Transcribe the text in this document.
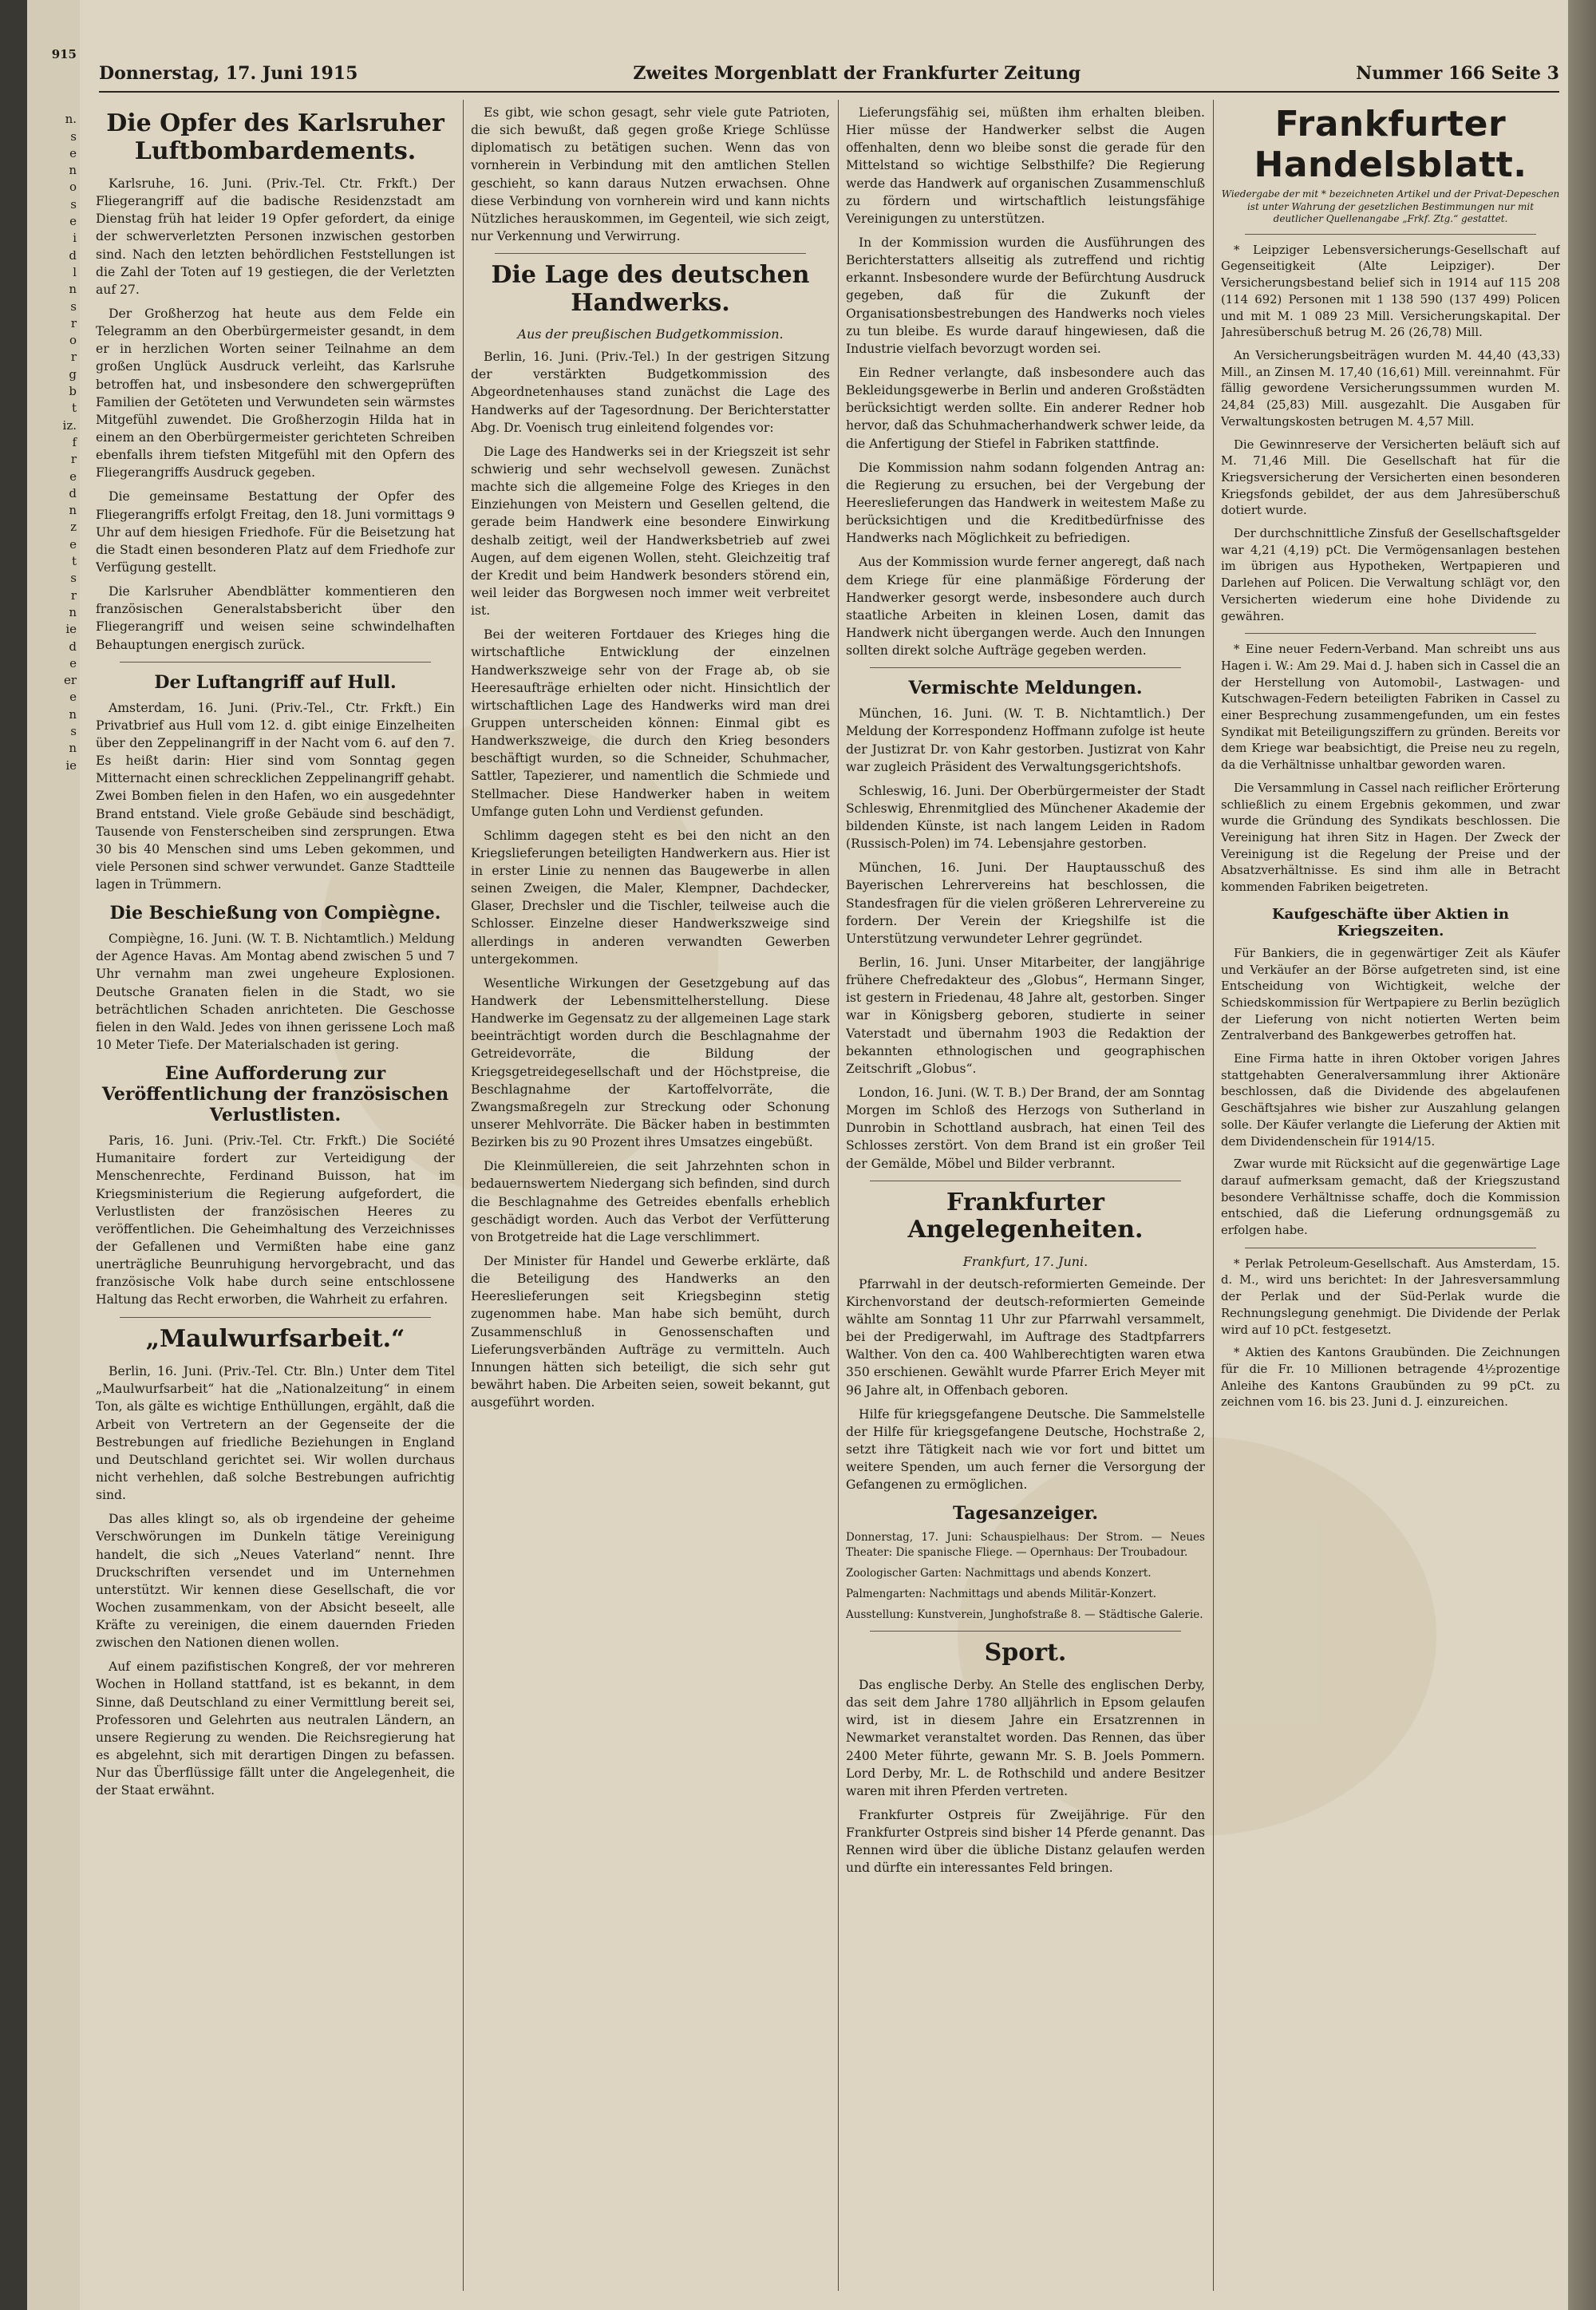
915
n.
s
e
n
o
s
e
i
d
l
n
s
r
o
r
g
b
t
iz.
f
r
e
d
n
z
e
t
s
r
n
ie
d
e
er
e
n
s
n
ie
Donnerstag, 17. Juni 1915	Zweites Morgenblatt der Frankfurter Zeitung	Nummer 166 Seite 3
Die Opfer des Karlsruher Luftbombardements.

Karlsruhe, 16. Juni. (Priv.-Tel. Ctr. Frkft.) Der Fliegerangriff auf die badische Residenzstadt am Dienstag früh hat leider 19 Opfer gefordert, da einige der schwerverletzten Personen inzwischen gestorben sind. Nach den letzten behördlichen Feststellungen ist die Zahl der Toten auf 19 gestiegen, die der Verletzten auf 27.

Der Großherzog hat heute aus dem Felde ein Telegramm an den Oberbürgermeister gesandt, in dem er in herzlichen Worten seiner Teilnahme an dem großen Unglück Ausdruck verleiht, das Karlsruhe betroffen hat, und insbesondere den schwergeprüften Familien der Getöteten und Verwundeten sein wärmstes Mitgefühl zuwendet. Die Großherzogin Hilda hat in einem an den Oberbürgermeister gerichteten Schreiben ebenfalls ihrem tiefsten Mitgefühl mit den Opfern des Fliegerangriffs Ausdruck gegeben.

Die gemeinsame Bestattung der Opfer des Fliegerangriffs erfolgt Freitag, den 18. Juni vormittags 9 Uhr auf dem hiesigen Friedhofe. Für die Beisetzung hat die Stadt einen besonderen Platz auf dem Friedhofe zur Verfügung gestellt.

Die Karlsruher Abendblätter kommentieren den französischen Generalstabsbericht über den Fliegerangriff und weisen seine schwindelhaften Behauptungen energisch zurück.

Der Luftangriff auf Hull.

Amsterdam, 16. Juni. (Priv.-Tel., Ctr. Frkft.) Ein Privatbrief aus Hull vom 12. d. gibt einige Einzelheiten über den Zeppelinangriff in der Nacht vom 6. auf den 7. Es heißt darin: Hier sind vom Sonntag gegen Mitternacht einen schrecklichen Zeppelinangriff gehabt. Zwei Bomben fielen in den Hafen, wo ein ausgedehnter Brand entstand. Viele große Gebäude sind beschädigt, Tausende von Fensterscheiben sind zersprungen. Etwa 30 bis 40 Menschen sind ums Leben gekommen, und viele Personen sind schwer verwundet. Ganze Stadtteile lagen in Trümmern.

Die Beschießung von Compiègne.

Compiègne, 16. Juni. (W. T. B. Nichtamtlich.) Meldung der Agence Havas. Am Montag abend zwischen 5 und 7 Uhr vernahm man zwei ungeheure Explosionen. Deutsche Granaten fielen in die Stadt, wo sie beträchtlichen Schaden anrichteten. Die Geschosse fielen in den Wald. Jedes von ihnen gerissene Loch maß 10 Meter Tiefe. Der Materialschaden ist gering.

Eine Aufforderung zur Veröffentlichung der französischen Verlustlisten.

Paris, 16. Juni. (Priv.-Tel. Ctr. Frkft.) Die Société Humanitaire fordert zur Verteidigung der Menschenrechte, Ferdinand Buisson, hat im Kriegsministerium die Regierung aufgefordert, die Verlustlisten der französischen Heeres zu veröffentlichen. Die Geheimhaltung des Verzeichnisses der Gefallenen und Vermißten habe eine ganz unerträgliche Beunruhigung hervorgebracht, und das französische Volk habe durch seine entschlossene Haltung das Recht erworben, die Wahrheit zu erfahren.

„Maulwurfsarbeit.“

Berlin, 16. Juni. (Priv.-Tel. Ctr. Bln.) Unter dem Titel „Maulwurfsarbeit“ hat die „Nationalzeitung“ in einem Ton, als gälte es wichtige Enthüllungen, ergählt, daß die Arbeit von Vertretern an der Gegenseite der die Bestrebungen auf friedliche Beziehungen in England und Deutschland gerichtet sei. Wir wollen durchaus nicht verhehlen, daß solche Bestrebungen aufrichtig sind.

Das alles klingt so, als ob irgendeine der geheime Verschwörungen im Dunkeln tätige Vereinigung handelt, die sich „Neues Vaterland“ nennt. Ihre Druckschriften versendet und im Unternehmen unterstützt. Wir kennen diese Gesellschaft, die vor Wochen zusammenkam, von der Absicht beseelt, alle Kräfte zu vereinigen, die einem dauernden Frieden zwischen den Nationen dienen wollen.

Auf einem pazifistischen Kongreß, der vor mehreren Wochen in Holland stattfand, ist es bekannt, in dem Sinne, daß Deutschland zu einer Vermittlung bereit sei, Professoren und Gelehrten aus neutralen Ländern, an unsere Regierung zu wenden. Die Reichsregierung hat es abgelehnt, sich mit derartigen Dingen zu befassen. Nur das Überflüssige fällt unter die Angelegenheit, die der Staat erwähnt.

Es gibt, wie schon gesagt, sehr viele gute Patrioten, die sich bewußt, daß gegen große Kriege Schlüsse diplomatisch zu betätigen suchen. Wenn das von vornherein in Verbindung mit den amtlichen Stellen geschieht, so kann daraus Nutzen erwachsen. Ohne diese Verbindung von vornherein wird und kann nichts Nützliches herauskommen, im Gegenteil, wie sich zeigt, nur Verkennung und Verwirrung.

Die Lage des deutschen Handwerks.
Aus der preußischen Budgetkommission.

Berlin, 16. Juni. (Priv.-Tel.) In der gestrigen Sitzung der verstärkten Budgetkommission des Abgeordnetenhauses stand zunächst die Lage des Handwerks auf der Tagesordnung. Der Berichterstatter Abg. Dr. Voenisch trug einleitend folgendes vor:

Die Lage des Handwerks sei in der Kriegszeit ist sehr schwierig und sehr wechselvoll gewesen. Zunächst machte sich die allgemeine Folge des Krieges in den Einziehungen von Meistern und Gesellen geltend, die gerade beim Handwerk eine besondere Einwirkung deshalb zeitigt, weil der Handwerksbetrieb auf zwei Augen, auf dem eigenen Wollen, steht. Gleichzeitig traf der Kredit und beim Handwerk besonders störend ein, weil leider das Borgwesen noch immer weit verbreitet ist.

Bei der weiteren Fortdauer des Krieges hing die wirtschaftliche Entwicklung der einzelnen Handwerkszweige sehr von der Frage ab, ob sie Heeresaufträge erhielten oder nicht. Hinsichtlich der wirtschaftlichen Lage des Handwerks wird man drei Gruppen unterscheiden können: Einmal gibt es Handwerkszweige, die durch den Krieg besonders beschäftigt wurden, so die Schneider, Schuhmacher, Sattler, Tapezierer, und namentlich die Schmiede und Stellmacher. Diese Handwerker haben in weitem Umfange guten Lohn und Verdienst gefunden.

Schlimm dagegen steht es bei den nicht an den Kriegslieferungen beteiligten Handwerkern aus. Hier ist in erster Linie zu nennen das Baugewerbe in allen seinen Zweigen, die Maler, Klempner, Dachdecker, Glaser, Drechsler und die Tischler, teilweise auch die Schlosser. Einzelne dieser Handwerkszweige sind allerdings in anderen verwandten Gewerben untergekommen.

Wesentliche Wirkungen der Gesetzgebung auf das Handwerk der Lebensmittelherstellung. Diese Handwerke im Gegensatz zu der allgemeinen Lage stark beeinträchtigt worden durch die Beschlagnahme der Getreidevorräte, die Bildung der Kriegsgetreidegesellschaft und der Höchstpreise, die Beschlagnahme der Kartoffelvorräte, die Zwangsmaßregeln zur Streckung oder Schonung unserer Mehlvorräte. Die Bäcker haben in bestimmten Bezirken bis zu 90 Prozent ihres Umsatzes eingebüßt.

Die Kleinmüllereien, die seit Jahrzehnten schon in bedauernswertem Niedergang sich befinden, sind durch die Beschlagnahme des Getreides ebenfalls erheblich geschädigt worden. Auch das Verbot der Verfütterung von Brotgetreide hat die Lage verschlimmert.

Der Minister für Handel und Gewerbe erklärte, daß die Beteiligung des Handwerks an den Heereslieferungen seit Kriegsbeginn stetig zugenommen habe. Man habe sich bemüht, durch Zusammenschluß in Genossenschaften und Lieferungsverbänden Aufträge zu vermitteln. Auch Innungen hätten sich beteiligt, die sich sehr gut bewährt haben. Die Arbeiten seien, soweit bekannt, gut ausgeführt worden.

Lieferungsfähig sei, müßten ihm erhalten bleiben. Hier müsse der Handwerker selbst die Augen offenhalten, denn wo bleibe sonst die gerade für den Mittelstand so wichtige Selbsthilfe? Die Regierung werde das Handwerk auf organischen Zusammenschluß zu fördern und wirtschaftlich leistungsfähige Vereinigungen zu unterstützen.

In der Kommission wurden die Ausführungen des Berichterstatters allseitig als zutreffend und richtig erkannt. Insbesondere wurde der Befürchtung Ausdruck gegeben, daß für die Zukunft der Organisationsbestrebungen des Handwerks noch vieles zu tun bleibe. Es wurde darauf hingewiesen, daß die Industrie vielfach bevorzugt worden sei.

Ein Redner verlangte, daß insbesondere auch das Bekleidungsgewerbe in Berlin und anderen Großstädten berücksichtigt werden sollte. Ein anderer Redner hob hervor, daß das Schuhmacherhandwerk schwer leide, da die Anfertigung der Stiefel in Fabriken stattfinde.

Die Kommission nahm sodann folgenden Antrag an: die Regierung zu ersuchen, bei der Vergebung der Heereslieferungen das Handwerk in weitestem Maße zu berücksichtigen und die Kreditbedürfnisse des Handwerks nach Möglichkeit zu befriedigen.

Aus der Kommission wurde ferner angeregt, daß nach dem Kriege für eine planmäßige Förderung der Handwerker gesorgt werde, insbesondere auch durch staatliche Arbeiten in kleinen Losen, damit das Handwerk nicht übergangen werde. Auch den Innungen sollten direkt solche Aufträge gegeben werden.

Vermischte Meldungen.

München, 16. Juni. (W. T. B. Nichtamtlich.) Der Meldung der Korrespondenz Hoffmann zufolge ist heute der Justizrat Dr. von Kahr gestorben. Justizrat von Kahr war zugleich Präsident des Verwaltungsgerichtshofs.

Schleswig, 16. Juni. Der Oberbürgermeister der Stadt Schleswig, Ehrenmitglied des Münchener Akademie der bildenden Künste, ist nach langem Leiden in Radom (Russisch-Polen) im 74. Lebensjahre gestorben.

München, 16. Juni. Der Hauptausschuß des Bayerischen Lehrervereins hat beschlossen, die Standesfragen für die vielen größeren Lehrervereine zu fordern. Der Verein der Kriegshilfe ist die Unterstützung verwundeter Lehrer gegründet.

Berlin, 16. Juni. Unser Mitarbeiter, der langjährige frühere Chefredakteur des „Globus“, Hermann Singer, ist gestern in Friedenau, 48 Jahre alt, gestorben. Singer war in Königsberg geboren, studierte in seiner Vaterstadt und übernahm 1903 die Redaktion der bekannten ethnologischen und geographischen Zeitschrift „Globus“.

London, 16. Juni. (W. T. B.) Der Brand, der am Sonntag Morgen im Schloß des Herzogs von Sutherland in Dunrobin in Schottland ausbrach, hat einen Teil des Schlosses zerstört. Von dem Brand ist ein großer Teil der Gemälde, Möbel und Bilder verbrannt.

Frankfurter Angelegenheiten.
Frankfurt, 17. Juni.

Pfarrwahl in der deutsch-reformierten Gemeinde. Der Kirchenvorstand der deutsch-reformierten Gemeinde wählte am Sonntag 11 Uhr zur Pfarrwahl versammelt, bei der Predigerwahl, im Auftrage des Stadtpfarrers Walther. Von den ca. 400 Wahlberechtigten waren etwa 350 erschienen. Gewählt wurde Pfarrer Erich Meyer mit 96 Jahre alt, in Offenbach geboren.

Hilfe für kriegsgefangene Deutsche. Die Sammelstelle der Hilfe für kriegsgefangene Deutsche, Hochstraße 2, setzt ihre Tätigkeit nach wie vor fort und bittet um weitere Spenden, um auch ferner die Versorgung der Gefangenen zu ermöglichen.

Tagesanzeiger.

Donnerstag, 17. Juni: Schauspielhaus: Der Strom. — Neues Theater: Die spanische Fliege. — Opernhaus: Der Troubadour.

Zoologischer Garten: Nachmittags und abends Konzert.

Palmengarten: Nachmittags und abends Militär-Konzert.

Ausstellung: Kunstverein, Junghofstraße 8. — Städtische Galerie.

Sport.

Das englische Derby. An Stelle des englischen Derby, das seit dem Jahre 1780 alljährlich in Epsom gelaufen wird, ist in diesem Jahre ein Ersatzrennen in Newmarket veranstaltet worden. Das Rennen, das über 2400 Meter führte, gewann Mr. S. B. Joels Pommern. Lord Derby, Mr. L. de Rothschild und andere Besitzer waren mit ihren Pferden vertreten.

Frankfurter Ostpreis für Zweijährige. Für den Frankfurter Ostpreis sind bisher 14 Pferde genannt. Das Rennen wird über die übliche Distanz gelaufen werden und dürfte ein interessantes Feld bringen.

Frankfurter Handelsblatt.
Wiedergabe der mit * bezeichneten Artikel und der Privat-Depeschen ist unter Wahrung der gesetzlichen Bestimmungen nur mit deutlicher Quellenangabe „Frkf. Ztg.“ gestattet.

* Leipziger Lebensversicherungs-Gesellschaft auf Gegenseitigkeit (Alte Leipziger). Der Versicherungsbestand belief sich in 1914 auf 115 208 (114 692) Personen mit 1 138 590 (137 499) Policen und mit M. 1 089 23 Mill. Versicherungskapital. Der Jahresüberschuß betrug M. 26 (26,78) Mill.

An Versicherungsbeiträgen wurden M. 44,40 (43,33) Mill., an Zinsen M. 17,40 (16,61) Mill. vereinnahmt. Für fällig gewordene Versicherungssummen wurden M. 24,84 (25,83) Mill. ausgezahlt. Die Ausgaben für Verwaltungskosten betrugen M. 4,57 Mill.

Die Gewinnreserve der Versicherten beläuft sich auf M. 71,46 Mill. Die Gesellschaft hat für die Kriegsversicherung der Versicherten einen besonderen Kriegsfonds gebildet, der aus dem Jahresüberschuß dotiert wurde.

Der durchschnittliche Zinsfuß der Gesellschaftsgelder war 4,21 (4,19) pCt. Die Vermögensanlagen bestehen im übrigen aus Hypotheken, Wertpapieren und Darlehen auf Policen. Die Verwaltung schlägt vor, den Versicherten wiederum eine hohe Dividende zu gewähren.

* Eine neuer Federn-Verband. Man schreibt uns aus Hagen i. W.: Am 29. Mai d. J. haben sich in Cassel die an der Herstellung von Automobil-, Lastwagen- und Kutschwagen-Federn beteiligten Fabriken in Cassel zu einer Besprechung zusammengefunden, um ein festes Syndikat mit Beteiligungsziffern zu gründen. Bereits vor dem Kriege war beabsichtigt, die Preise neu zu regeln, da die Verhältnisse unhaltbar geworden waren.

Die Versammlung in Cassel nach reiflicher Erörterung schließlich zu einem Ergebnis gekommen, und zwar wurde die Gründung des Syndikats beschlossen. Die Vereinigung hat ihren Sitz in Hagen. Der Zweck der Vereinigung ist die Regelung der Preise und der Absatzverhältnisse. Es sind ihm alle in Betracht kommenden Fabriken beigetreten.

Kaufgeschäfte über Aktien in Kriegszeiten.

Für Bankiers, die in gegenwärtiger Zeit als Käufer und Verkäufer an der Börse aufgetreten sind, ist eine Entscheidung von Wichtigkeit, welche der Schiedskommission für Wertpapiere zu Berlin bezüglich der Lieferung von nicht notierten Werten beim Zentralverband des Bankgewerbes getroffen hat.

Eine Firma hatte in ihren Oktober vorigen Jahres stattgehabten Generalversammlung ihrer Aktionäre beschlossen, daß die Dividende des abgelaufenen Geschäftsjahres wie bisher zur Auszahlung gelangen solle. Der Käufer verlangte die Lieferung der Aktien mit dem Dividendenschein für 1914/15.

Zwar wurde mit Rücksicht auf die gegenwärtige Lage darauf aufmerksam gemacht, daß der Kriegszustand besondere Verhältnisse schaffe, doch die Kommission entschied, daß die Lieferung ordnungsgemäß zu erfolgen habe.

* Perlak Petroleum-Gesellschaft. Aus Amsterdam, 15. d. M., wird uns berichtet: In der Jahresversammlung der Perlak und der Süd-Perlak wurde die Rechnungslegung genehmigt. Die Dividende der Perlak wird auf 10 pCt. festgesetzt.

* Aktien des Kantons Graubünden. Die Zeichnungen für die Fr. 10 Millionen betragende 4½prozentige Anleihe des Kantons Graubünden zu 99 pCt. zu zeichnen vom 16. bis 23. Juni d. J. einzureichen.
